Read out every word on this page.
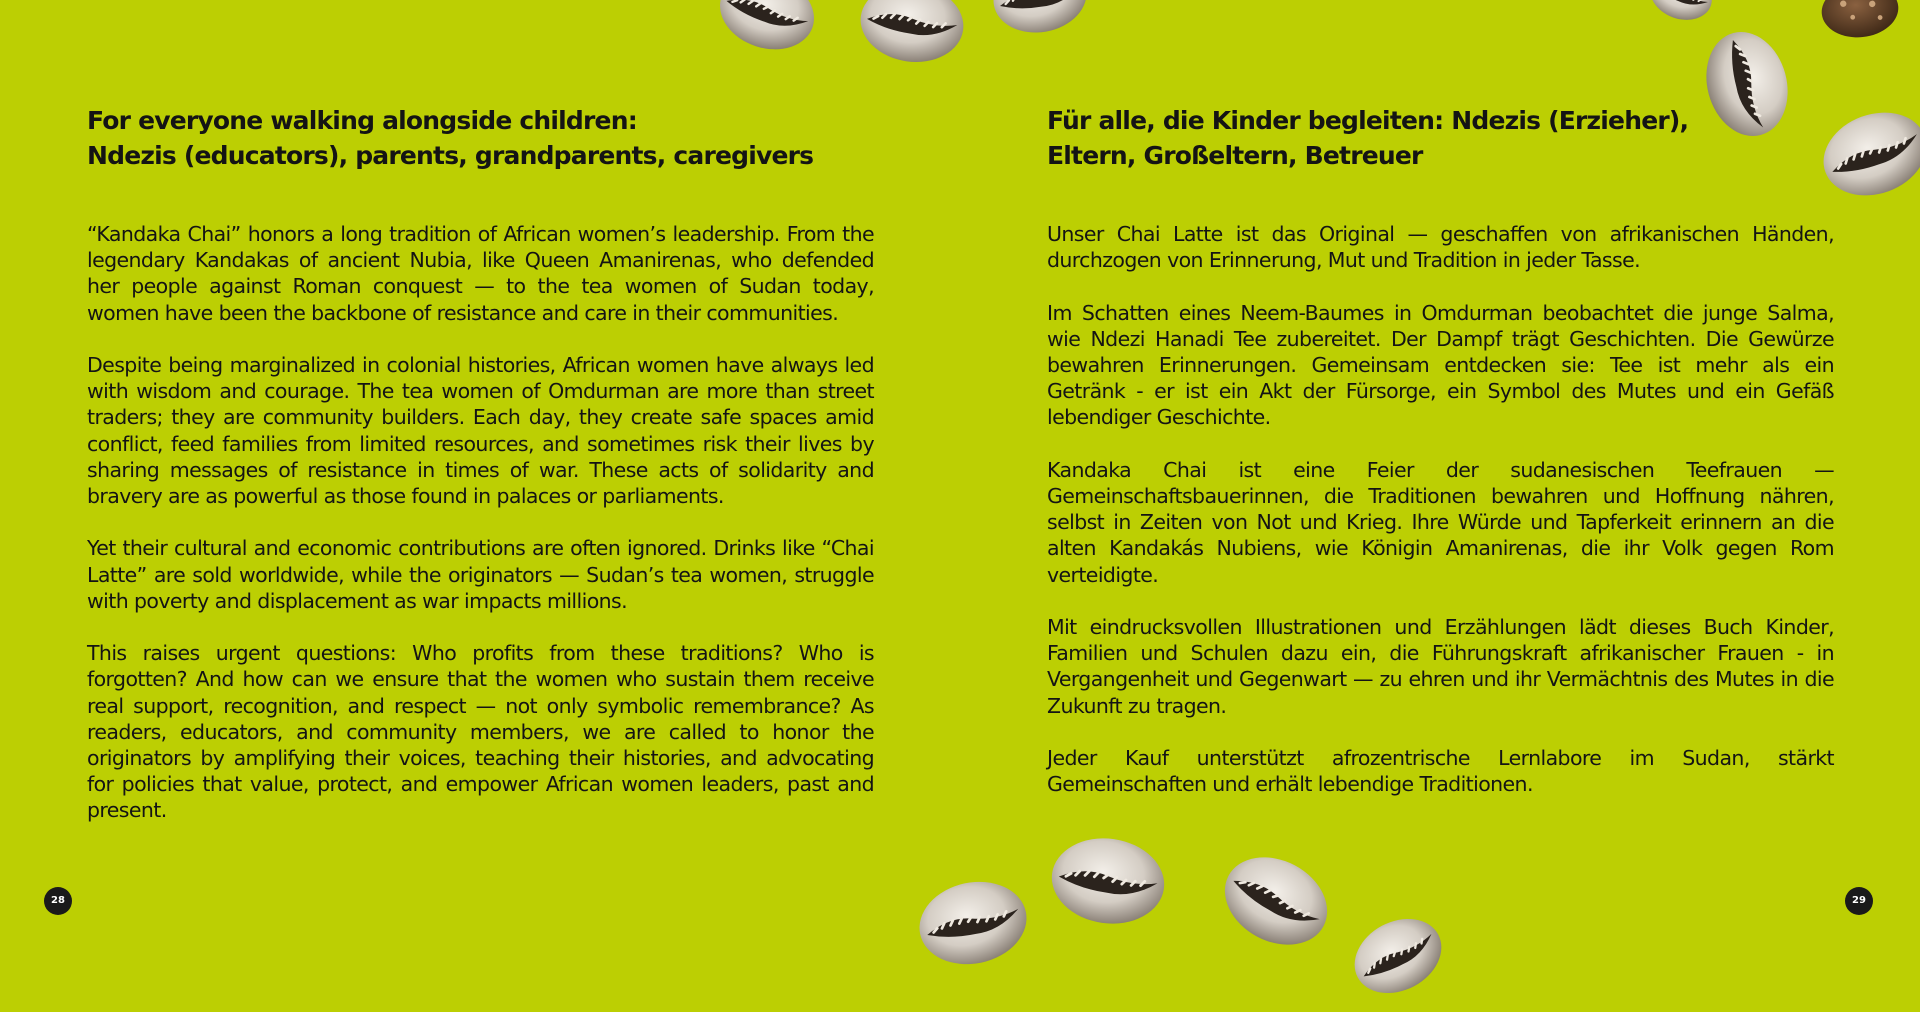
For everyone walking alongside children:
Ndezis (educators), parents, grandparents, caregivers

“Kandaka Chai” honors a long tradition of African women’s leadership. From the legendary Kandakas of ancient Nubia, like Queen Amanirenas, who defended her people against Roman conquest — to the tea women of Sudan today, women have been the backbone of resistance and care in their communities.

Despite being marginalized in colonial histories, African women have always led with wisdom and courage. The tea women of Omdurman are more than street traders; they are community builders. Each day, they create safe spaces amid conflict, feed families from limited resources, and sometimes risk their lives by sharing messages of resistance in times of war. These acts of solidarity and bravery are as powerful as those found in palaces or parliaments.

Yet their cultural and economic contributions are often ignored. Drinks like “Chai Latte” are sold worldwide, while the originators — Sudan’s tea women, struggle with poverty and displacement as war impacts millions.

This raises urgent questions: Who profits from these traditions? Who is forgotten? And how can we ensure that the women who sustain them receive real support, recognition, and respect — not only symbolic remembrance? As readers, educators, and community members, we are called to honor the originators by amplifying their voices, teaching their histories, and advocating for policies that value, protect, and empower African women leaders, past and present.

28
Für alle, die Kinder begleiten: Ndezis (Erzieher),
Eltern, Großeltern, Betreuer

Unser Chai Latte ist das Original — geschaffen von afrikanischen Händen, durchzogen von Erinnerung, Mut und Tradition in jeder Tasse.

Im Schatten eines Neem-Baumes in Omdurman beobachtet die junge Salma, wie Ndezi Hanadi Tee zubereitet. Der Dampf trägt Geschichten. Die Gewürze bewahren Erinnerungen. Gemeinsam entdecken sie: Tee ist mehr als ein Getränk - er ist ein Akt der Fürsorge, ein Symbol des Mutes und ein Gefäß lebendiger Geschichte.

Kandaka Chai ist eine Feier der sudanesischen Teefrauen — Gemeinschaftsbauerinnen, die Traditionen bewahren und Hoffnung nähren, selbst in Zeiten von Not und Krieg. Ihre Würde und Tapferkeit erinnern an die alten Kandakás Nubiens, wie Königin Amanirenas, die ihr Volk gegen Rom verteidigte.

Mit eindrucksvollen Illustrationen und Erzählungen lädt dieses Buch Kinder, Familien und Schulen dazu ein, die Führungskraft afrikanischer Frauen - in Vergangenheit und Gegenwart — zu ehren und ihr Vermächtnis des Mutes in die Zukunft zu tragen.

Jeder Kauf unterstützt afrozentrische Lernlabore im Sudan, stärkt Gemeinschaften und erhält lebendige Traditionen.

29
